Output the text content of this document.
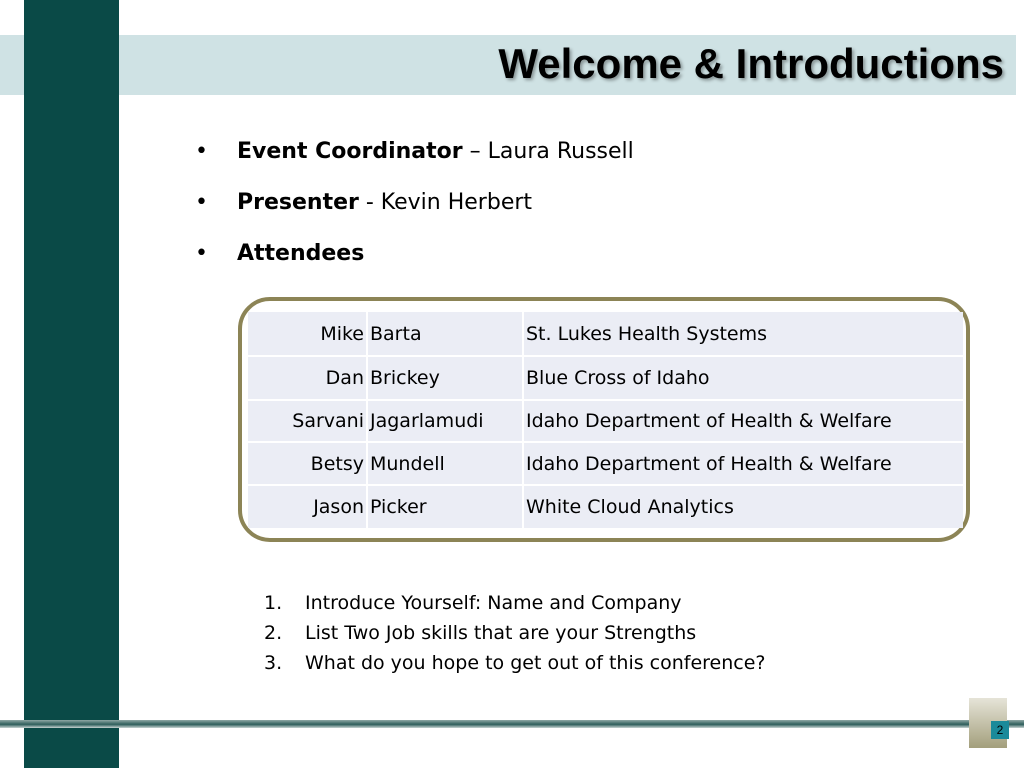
Welcome & Introductions
• Event Coordinator – Laura Russell
• Presenter - Kevin Herbert
• Attendees
Mike	Barta	St. Lukes Health Systems
Dan	Brickey	Blue Cross of Idaho
Sarvani	Jagarlamudi	Idaho Department of Health & Welfare
Betsy	Mundell	Idaho Department of Health & Welfare
Jason	Picker	White Cloud Analytics
1. Introduce Yourself: Name and Company
2. List Two Job skills that are your Strengths
3. What do you hope to get out of this conference?
2
